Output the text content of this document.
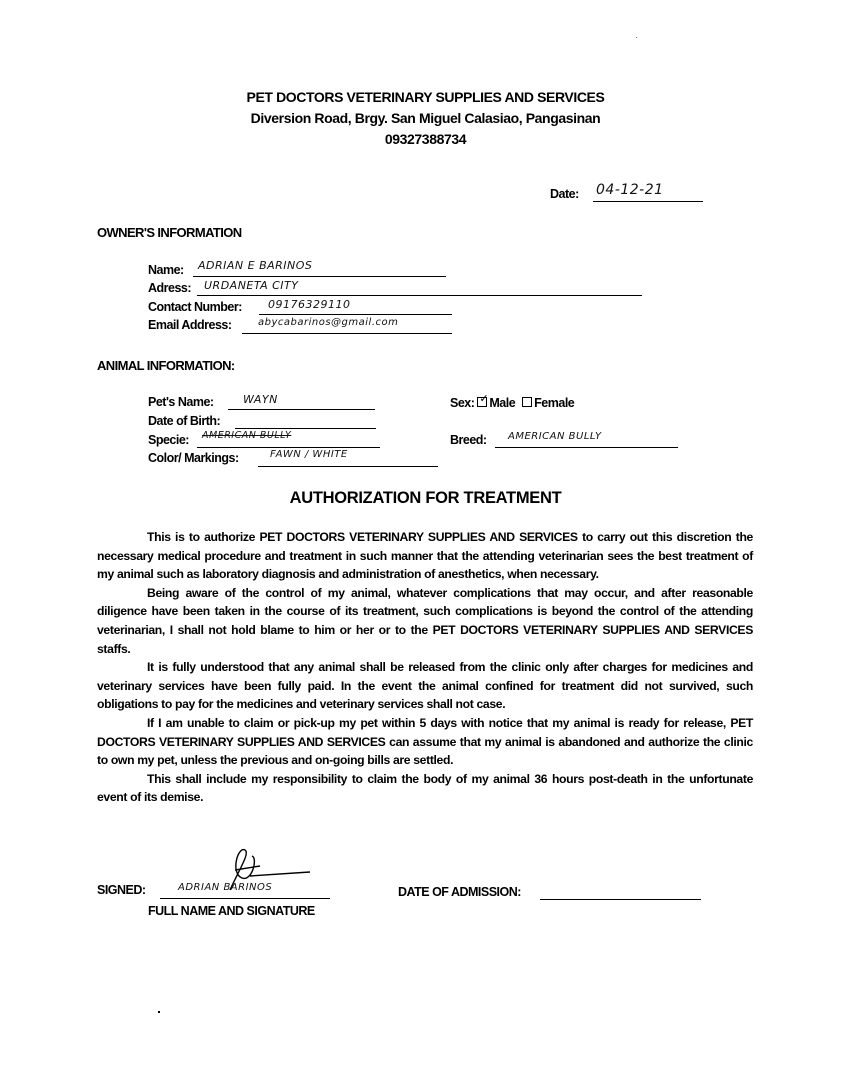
PET DOCTORS VETERINARY SUPPLIES AND SERVICES
Diversion Road, Brgy. San Miguel Calasiao, Pangasinan
09327388734
Date: 04-12-21
OWNER'S INFORMATION
Name: ADRIAN E BARINOS
Adress: URDANETA CITY
Contact Number: 09176329110
Email Address:	abycabarinos@gmail.com
ANIMAL INFORMATION:
Pet's Name:	WAYN
Date of Birth:
Specie: AMERICAN BULLY
Color/ Markings:	FAWN / WHITE
Sex: ✓ Male Female
Breed: AMERICAN BULLY
AUTHORIZATION FOR TREATMENT

This is to authorize PET DOCTORS VETERINARY SUPPLIES AND SERVICES to carry out this discretion the necessary medical procedure and treatment in such manner that the attending veterinarian sees the best treatment of my animal such as laboratory diagnosis and administration of anesthetics, when necessary.

Being aware of the control of my animal, whatever complications that may occur, and after reasonable diligence have been taken in the course of its treatment, such complications is beyond the control of the attending veterinarian, I shall not hold blame to him or her or to the PET DOCTORS VETERINARY SUPPLIES AND SERVICES staffs.

It is fully understood that any animal shall be released from the clinic only after charges for medicines and veterinary services have been fully paid. In the event the animal confined for treatment did not survived, such obligations to pay for the medicines and veterinary services shall not case.

If I am unable to claim or pick-up my pet within 5 days with notice that my animal is ready for release, PET DOCTORS VETERINARY SUPPLIES AND SERVICES can assume that my animal is abandoned and authorize the clinic to own my pet, unless the previous and on-going bills are settled.

This shall include my responsibility to claim the body of my animal 36 hours post-death in the unfortunate event of its demise.

SIGNED:	ADRIAN BARINOS
FULL NAME AND SIGNATURE
DATE OF ADMISSION:
